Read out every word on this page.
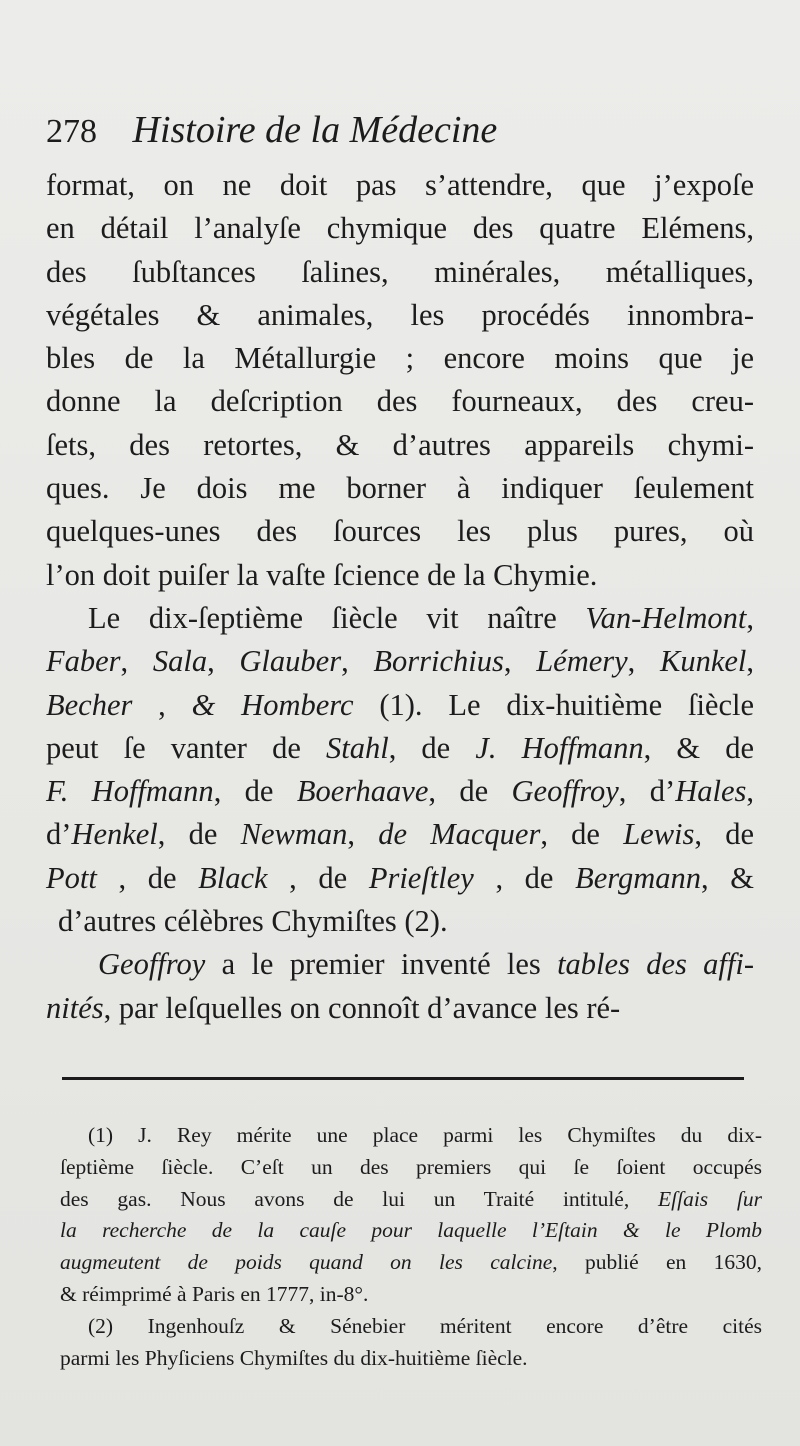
278 Histoire de la Médecine
format, on ne doit pas s’attendre, que j’expoſe
en détail l’analyſe chymique des quatre Elémens,
des ſubſtances ſalines, minérales, métalliques,
végétales & animales, les procédés innombra-
bles de la Métallurgie ; encore moins que je
donne la deſcription des fourneaux, des creu-
ſets, des retortes, & d’autres appareils chymi-
ques. Je dois me borner à indiquer ſeulement
quelques-unes des ſources les plus pures, où
l’on doit puiſer la vaſte ſcience de la Chymie.
Le dix-ſeptième ſiècle vit naître Van-Helmont,
Faber, Sala, Glauber, Borrichius, Lémery, Kunkel,
Becher , & Homberc (1). Le dix-huitième ſiècle
peut ſe vanter de Stahl, de J. Hoffmann, & de
F. Hoffmann, de Boerhaave, de Geoffroy, d’Hales,
d’Henkel, de Newman, de Macquer, de Lewis, de
Pott , de Black , de Prieſtley , de Bergmann, &
d’autres célèbres Chymiſtes (2).
Geoffroy a le premier inventé les tables des affi-
nités, par leſquelles on connoît d’avance les ré-
(1) J. Rey mérite une place parmi les Chymiſtes du dix-
ſeptième ſiècle. C’eſt un des premiers qui ſe ſoient occupés
des gas. Nous avons de lui un Traité intitulé, Eſſais ſur
la recherche de la cauſe pour laquelle l’Eſtain & le Plomb
augmeutent de poids quand on les calcine, publié en 1630,
& réimprimé à Paris en 1777, in-8°.
(2) Ingenhouſz & Sénebier méritent encore d’être cités
parmi les Phyſiciens Chymiſtes du dix-huitième ſiècle.
